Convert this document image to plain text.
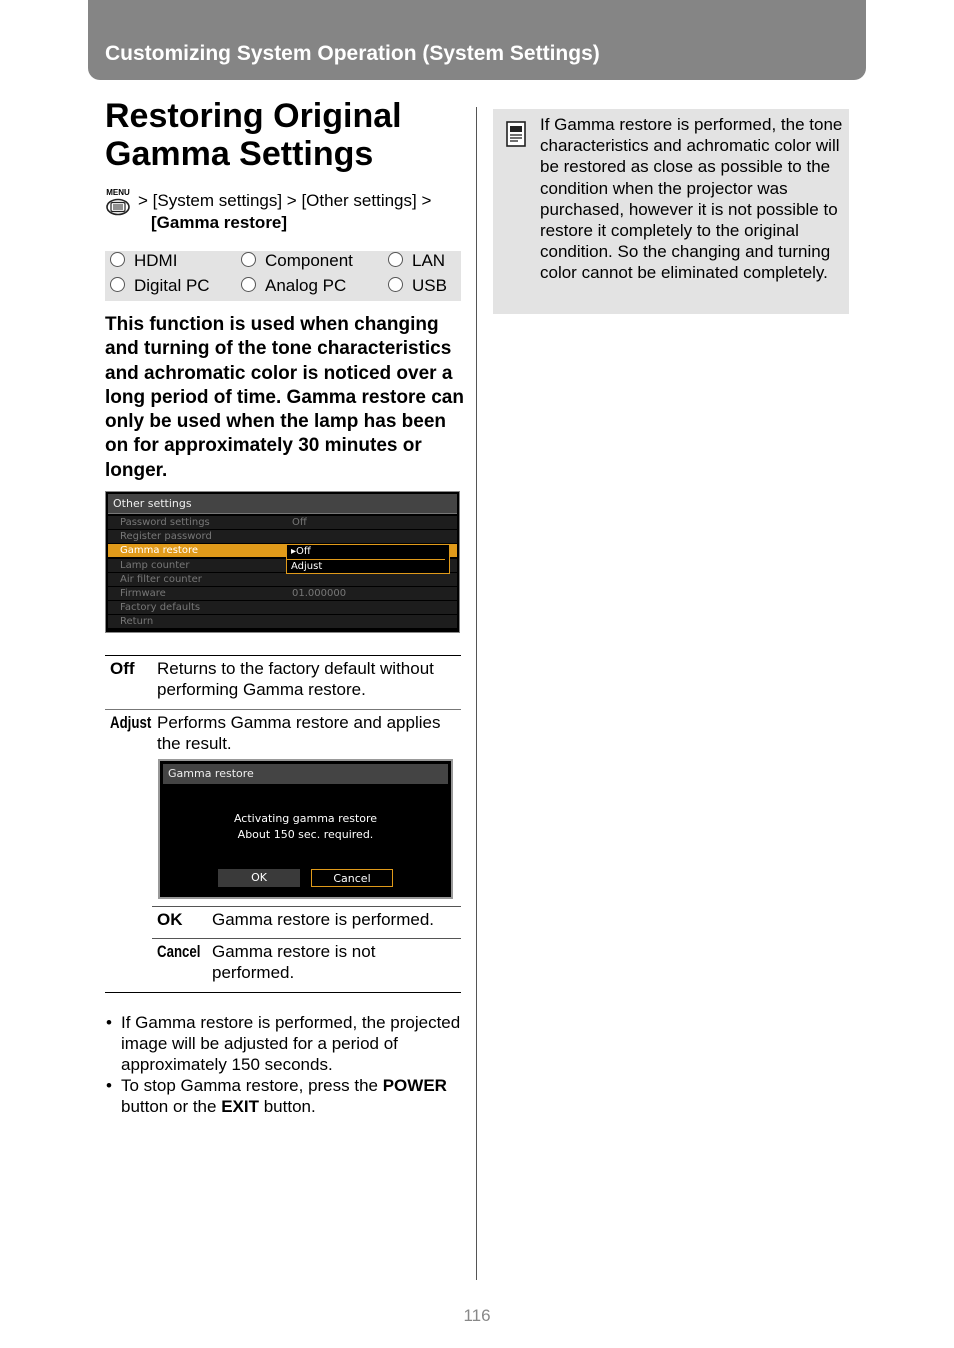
Customizing System Operation (System Settings)
Restoring Original
Gamma Settings
MENU > [System settings] > [Other settings] >
[Gamma restore]
HDMI	Component	LAN
Digital PC	Analog PC	USB
This function is used when changing and turning of the tone characteristics and achromatic color is noticed over a long period of time. Gamma restore can only be used when the lamp has been on for approximately 30 minutes or longer.
Other settings
Password settings	Off
Register password
Gamma restore
Lamp counter
Air filter counter
Firmware	01.000000
Factory defaults
Return
▸Off
Adjust
Off Returns to the factory default without performing Gamma restore.
Adjust Performs Gamma restore and applies the result.
Gamma restore
Activating gamma restore
About 150 sec. required.
OK	Cancel
OK Gamma restore is performed.
Cancel Gamma restore is not performed.
• If Gamma restore is performed, the projected image will be adjusted for a period of approximately 150 seconds.
• To stop Gamma restore, press the POWER button or the EXIT button.
If Gamma restore is performed, the tone characteristics and achromatic color will be restored as close as possible to the condition when the projector was purchased, however it is not possible to restore it completely to the original condition. So the changing and turning color cannot be eliminated completely.
116
